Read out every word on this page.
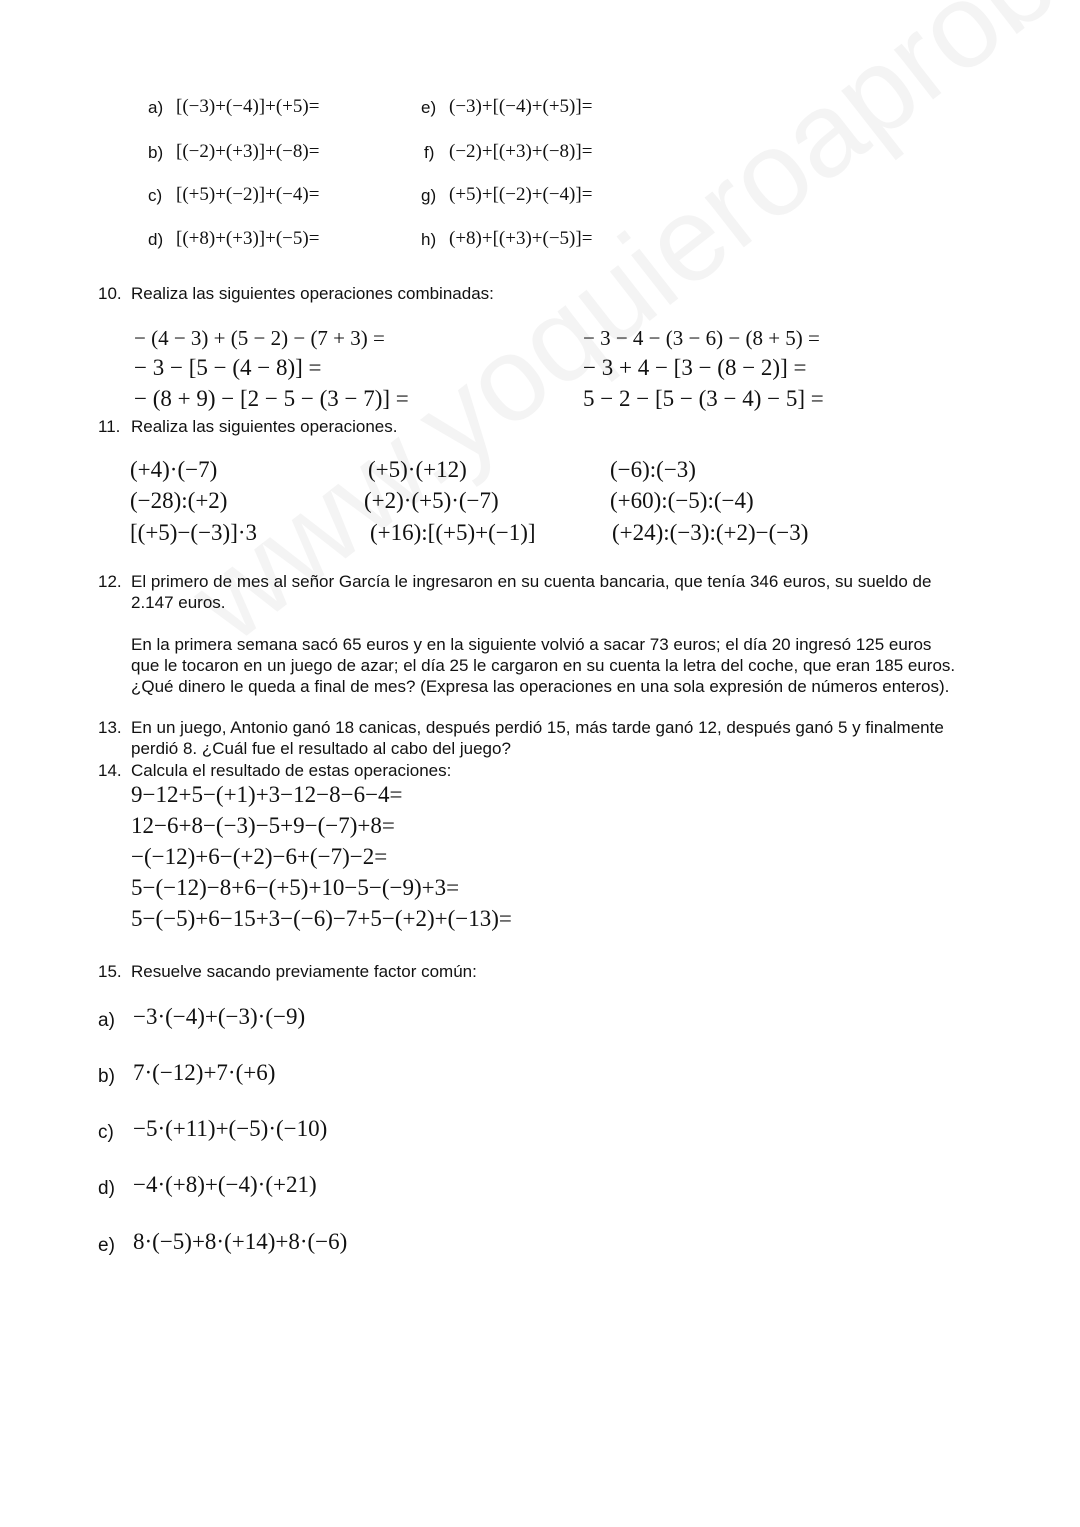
a) [(−3)+(−4)]+(+5)=
b) [(−2)+(+3)]+(−8)=
c) [(+5)+(−2)]+(−4)=
d) [(+8)+(+3)]+(−5)=
e) (−3)+[(−4)+(+5)]=
f) (−2)+[(+3)+(−8)]=
g) (+5)+[(−2)+(−4)]=
h) (+8)+[(+3)+(−5)]=
10. Realiza las siguientes operaciones combinadas:
− (4 − 3) + (5 − 2) − (7 + 3) =
− 3 − [5 − (4 − 8)] =
− (8 + 9) − [2 − 5 − (3 − 7)] =
− 3 − 4 − (3 − 6) − (8 + 5) =
− 3 + 4 − [3 − (8 − 2)] =
5 − 2 − [5 − (3 − 4) − 5] =
11. Realiza las siguientes operaciones.
(+4)·(−7)
(−28):(+2)
[(+5)−(−3)]·3
(+5)·(+12)
(+2)·(+5)·(−7)
(+16):[(+5)+(−1)]
(−6):(−3)
(+60):(−5):(−4)
(+24):(−3):(+2)−(−3)
12. El primero de mes al señor García le ingresaron en su cuenta bancaria, que tenía 346 euros, su sueldo de
2.147 euros.
En la primera semana sacó 65 euros y en la siguiente volvió a sacar 73 euros; el día 20 ingresó 125 euros
que le tocaron en un juego de azar; el día 25 le cargaron en su cuenta la letra del coche, que eran 185 euros.
¿Qué dinero le queda a final de mes? (Expresa las operaciones en una sola expresión de números enteros).
13. En un juego, Antonio ganó 18 canicas, después perdió 15, más tarde ganó 12, después ganó 5 y finalmente
perdió 8. ¿Cuál fue el resultado al cabo del juego?
14. Calcula el resultado de estas operaciones:
9−12+5−(+1)+3−12−8−6−4=
12−6+8−(−3)−5+9−(−7)+8=
−(−12)+6−(+2)−6+(−7)−2=
5−(−12)−8+6−(+5)+10−5−(−9)+3=
5−(−5)+6−15+3−(−6)−7+5−(+2)+(−13)=
15. Resuelve sacando previamente factor común:
a) −3·(−4)+(−3)·(−9)
b) 7·(−12)+7·(+6)
c) −5·(+11)+(−5)·(−10)
d) −4·(+8)+(−4)·(+21)
e) 8·(−5)+8·(+14)+8·(−6)
